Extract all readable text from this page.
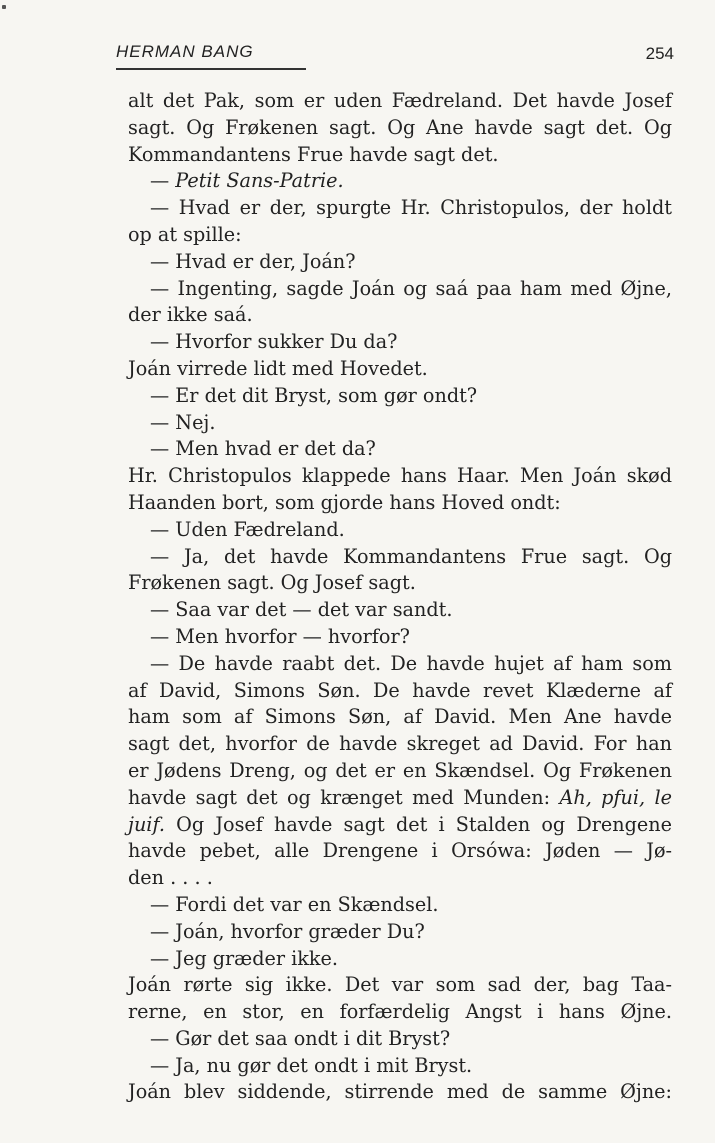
HERMAN BANG	254
alt det Pak, som er uden Fædreland. Det havde Josef
sagt. Og Frøkenen sagt. Og Ane havde sagt det. Og
Kommandantens Frue havde sagt det.
— Petit Sans-Patrie.
— Hvad er der, spurgte Hr. Christopulos, der holdt
op at spille:
— Hvad er der, Joán?
— Ingenting, sagde Joán og saá paa ham med Øjne,
der ikke saá.
— Hvorfor sukker Du da?
Joán virrede lidt med Hovedet.
— Er det dit Bryst, som gør ondt?
— Nej.
— Men hvad er det da?
Hr. Christopulos klappede hans Haar. Men Joán skød
Haanden bort, som gjorde hans Hoved ondt:
— Uden Fædreland.
— Ja, det havde Kommandantens Frue sagt. Og
Frøkenen sagt. Og Josef sagt.
— Saa var det — det var sandt.
— Men hvorfor — hvorfor?
— De havde raabt det. De havde hujet af ham som
af David, Simons Søn. De havde revet Klæderne af
ham som af Simons Søn, af David. Men Ane havde
sagt det, hvorfor de havde skreget ad David. For han
er Jødens Dreng, og det er en Skændsel. Og Frøkenen
havde sagt det og krænget med Munden: Ah, pfui, le
juif. Og Josef havde sagt det i Stalden og Drengene
havde pebet, alle Drengene i Orsówa: Jøden — Jø-
den . . . .
— Fordi det var en Skændsel.
— Joán, hvorfor græder Du?
— Jeg græder ikke.
Joán rørte sig ikke. Det var som sad der, bag Taa-
rerne, en stor, en forfærdelig Angst i hans Øjne.
— Gør det saa ondt i dit Bryst?
— Ja, nu gør det ondt i mit Bryst.
Joán blev siddende, stirrende med de samme Øjne:
